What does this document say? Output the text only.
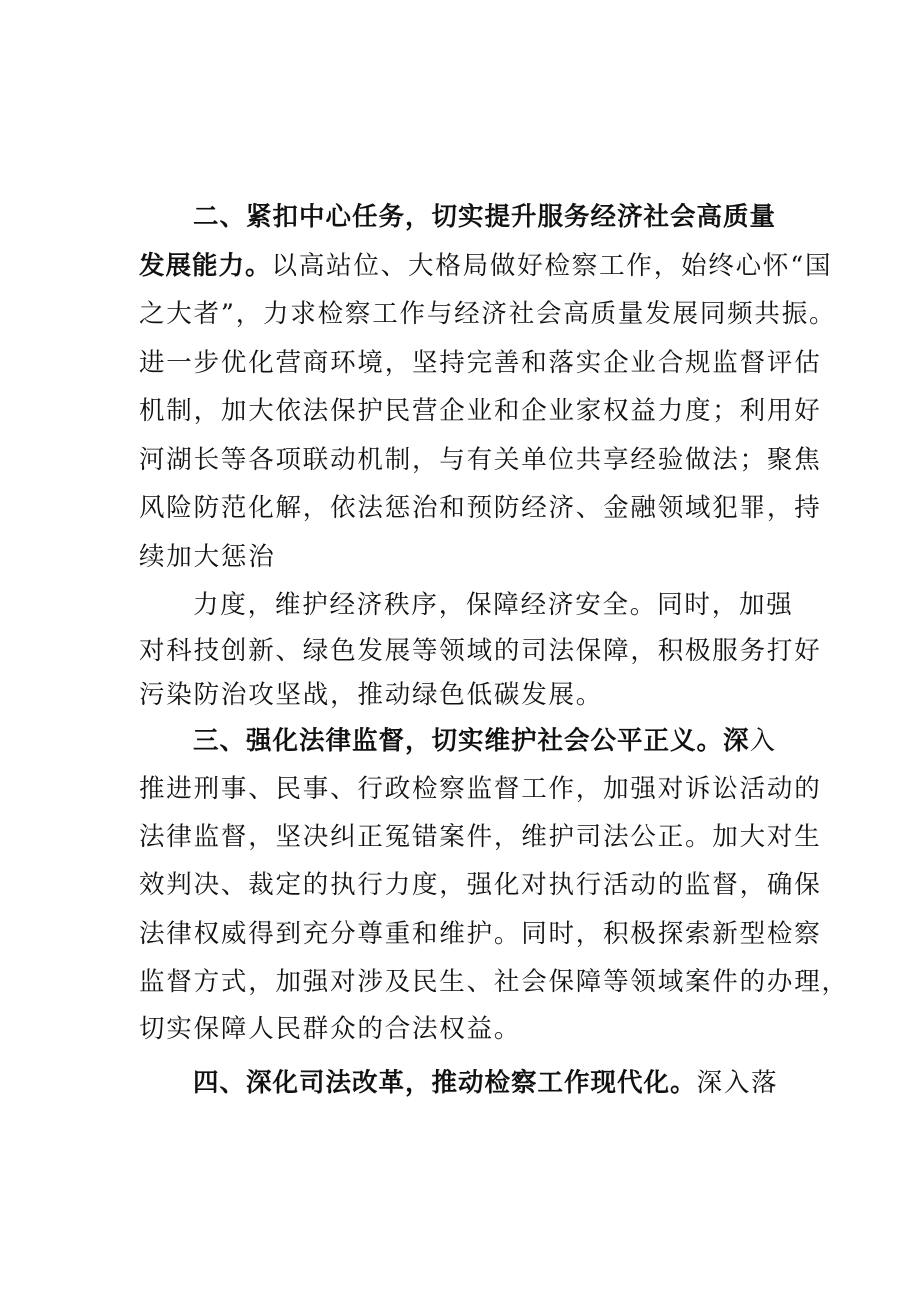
二、紧扣中心任务，切实提升服务经济社会高质量
发展能力。以高站位、大格局做好检察工作，始终心怀“国
之大者”，力求检察工作与经济社会高质量发展同频共振。
进一步优化营商环境，坚持完善和落实企业合规监督评估
机制，加大依法保护民营企业和企业家权益力度；利用好
河湖长等各项联动机制，与有关单位共享经验做法；聚焦
风险防范化解，依法惩治和预防经济、金融领域犯罪，持
续加大惩治
力度，维护经济秩序，保障经济安全。同时，加强
对科技创新、绿色发展等领域的司法保障，积极服务打好
污染防治攻坚战，推动绿色低碳发展。
三、强化法律监督，切实维护社会公平正义。深入
推进刑事、民事、行政检察监督工作，加强对诉讼活动的
法律监督，坚决纠正冤错案件，维护司法公正。加大对生
效判决、裁定的执行力度，强化对执行活动的监督，确保
法律权威得到充分尊重和维护。同时，积极探索新型检察
监督方式，加强对涉及民生、社会保障等领域案件的办理，
切实保障人民群众的合法权益。
四、深化司法改革，推动检察工作现代化。深入落
